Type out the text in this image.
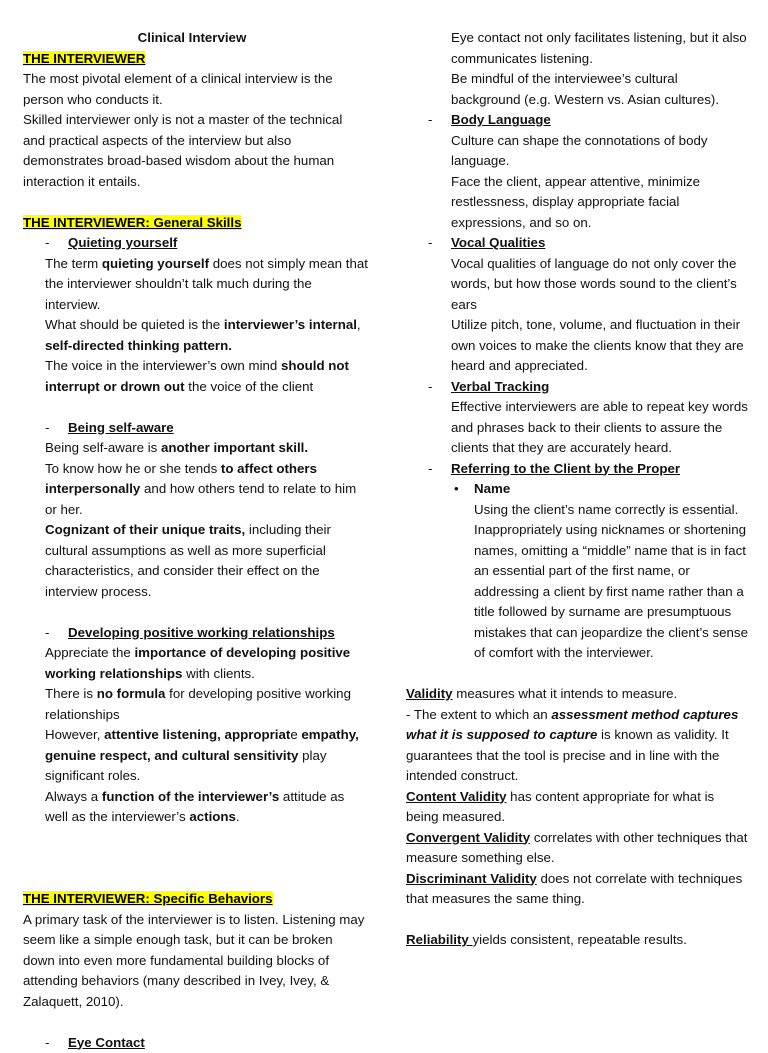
Clinical Interview
THE INTERVIEWER
The most pivotal element of a clinical interview is the person who conducts it.
Skilled interviewer only is not a master of the technical and practical aspects of the interview but also demonstrates broad-based wisdom about the human interaction it entails.
THE INTERVIEWER: General Skills
- Quieting yourself
The term quieting yourself does not simply mean that the interviewer shouldn’t talk much during the interview.
What should be quieted is the interviewer’s internal, self-directed thinking pattern.
The voice in the interviewer’s own mind should not interrupt or drown out the voice of the client
- Being self-aware
Being self-aware is another important skill.
To know how he or she tends to affect others interpersonally and how others tend to relate to him or her.
Cognizant of their unique traits, including their cultural assumptions as well as more superficial characteristics, and consider their effect on the interview process.
- Developing positive working relationships
Appreciate the importance of developing positive working relationships with clients.
There is no formula for developing positive working relationships
However, attentive listening, appropriate empathy, genuine respect, and cultural sensitivity play significant roles.
Always a function of the interviewer’s attitude as well as the interviewer’s actions.
THE INTERVIEWER: Specific Behaviors
A primary task of the interviewer is to listen. Listening may seem like a simple enough task, but it can be broken down into even more fundamental building blocks of attending behaviors (many described in Ivey, Ivey, & Zalaquett, 2010).
- Eye Contact
Eye contact not only facilitates listening, but it also communicates listening.
Be mindful of the interviewee’s cultural background (e.g. Western vs. Asian cultures).
- Body Language
Culture can shape the connotations of body language.
Face the client, appear attentive, minimize restlessness, display appropriate facial expressions, and so on.
- Vocal Qualities
Vocal qualities of language do not only cover the words, but how those words sound to the client’s ears
Utilize pitch, tone, volume, and fluctuation in their own voices to make the clients know that they are heard and appreciated.
- Verbal Tracking
Effective interviewers are able to repeat key words and phrases back to their clients to assure the clients that they are accurately heard.
- Referring to the Client by the Proper
• Name
Using the client’s name correctly is essential. Inappropriately using nicknames or shortening names, omitting a “middle” name that is in fact an essential part of the first name, or addressing a client by first name rather than a title followed by surname are presumptuous mistakes that can jeopardize the client’s sense of comfort with the interviewer.
Validity measures what it intends to measure.
- The extent to which an assessment method captures what it is supposed to capture is known as validity. It guarantees that the tool is precise and in line with the intended construct.
Content Validity has content appropriate for what is being measured.
Convergent Validity correlates with other techniques that measure something else.
Discriminant Validity does not correlate with techniques that measures the same thing.
Reliability yields consistent, repeatable results.
